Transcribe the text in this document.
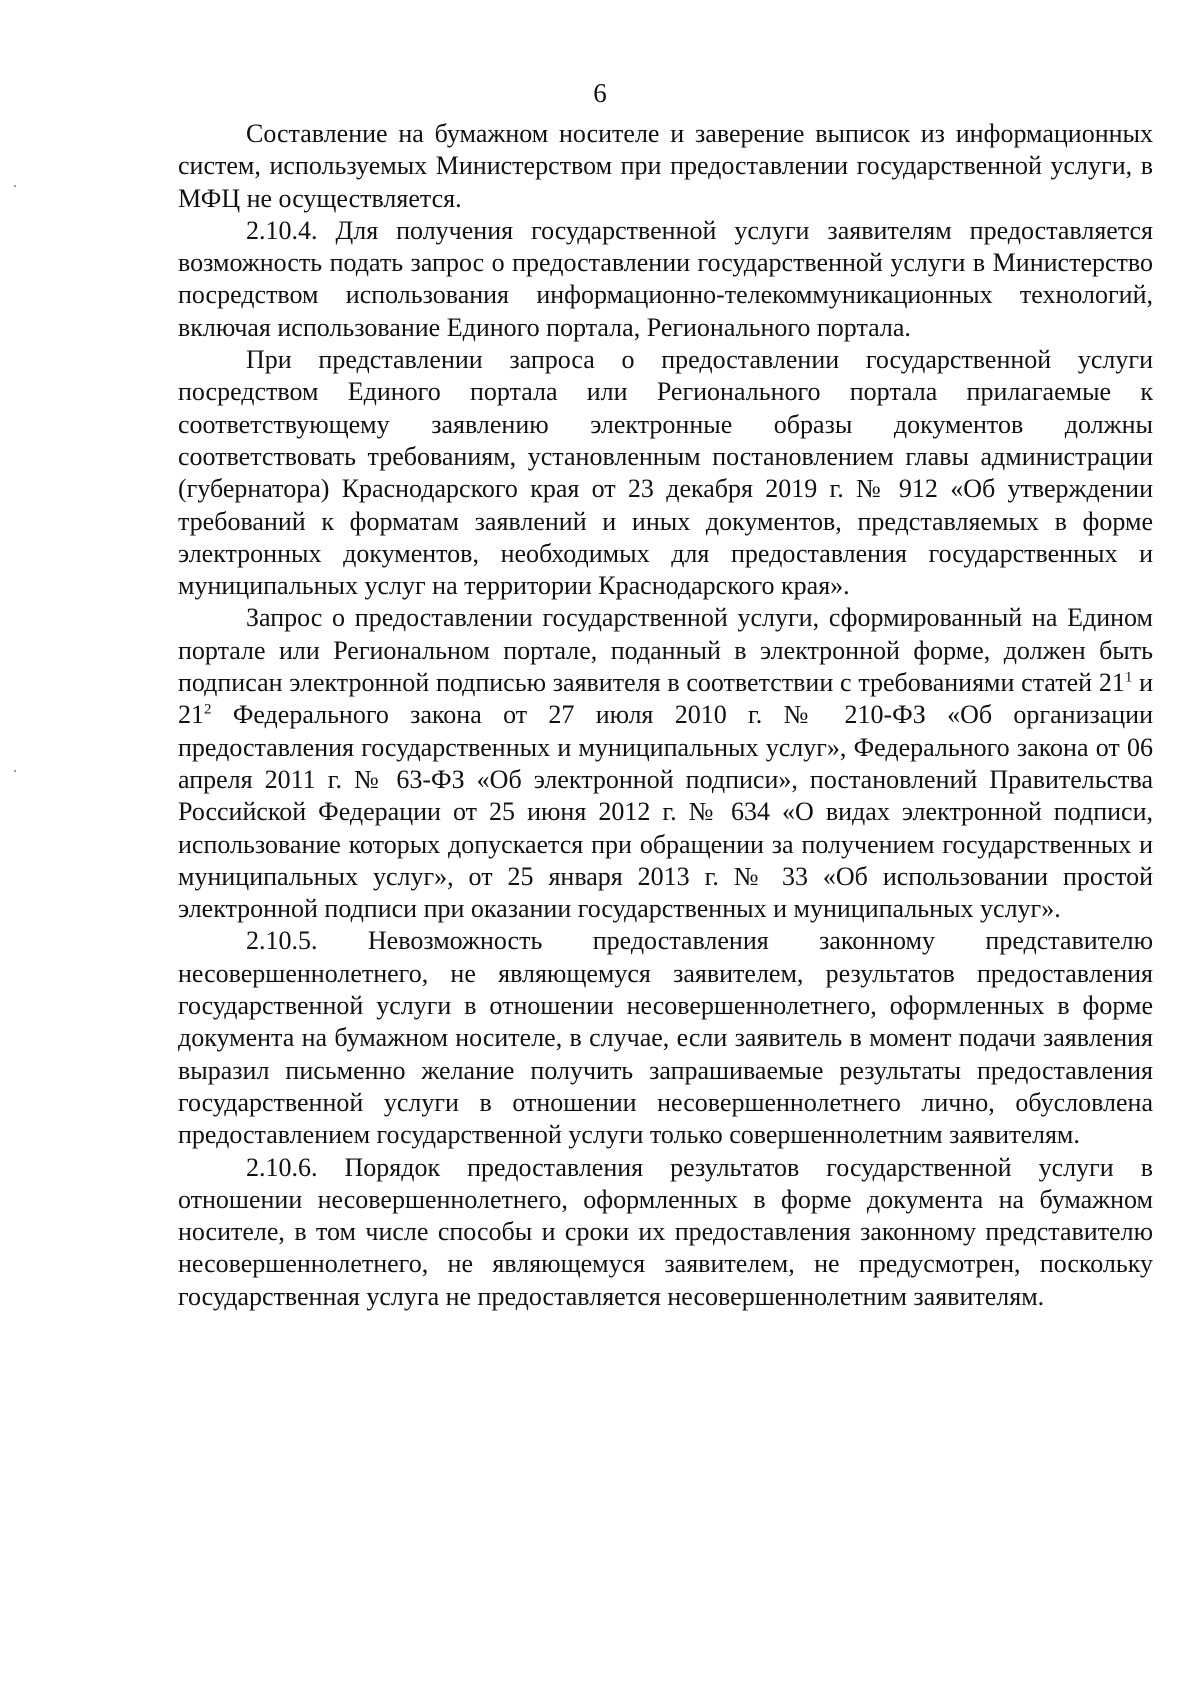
6

Составление на бумажном носителе и заверение выписок из информационных систем, используемых Министерством при предоставлении государственной услуги, в МФЦ не осуществляется.

2.10.4. Для получения государственной услуги заявителям предоставляется возможность подать запрос о предоставлении государственной услуги в Министерство посредством использования информационно-телекоммуникационных технологий, включая использование Единого портала, Регионального портала.

При представлении запроса о предоставлении государственной услуги посредством Единого портала или Регионального портала прилагаемые к соответствующему заявлению электронные образы документов должны соответствовать требованиям, установленным постановлением главы администрации (губернатора) Краснодарского края от 23 декабря 2019 г. № 912 «Об утверждении требований к форматам заявлений и иных документов, представляемых в форме электронных документов, необходимых для предоставления государственных и муниципальных услуг на территории Краснодарского края».

Запрос о предоставлении государственной услуги, сформированный на Едином портале или Региональном портале, поданный в электронной форме, должен быть подписан электронной подписью заявителя в соответствии с требованиями статей $21^1$ и $21^2$ Федерального закона от 27 июля 2010 г. № 210-ФЗ «Об организации предоставления государственных и муниципальных услуг», Федерального закона от 06 апреля 2011 г. № 63-ФЗ «Об электронной подписи», постановлений Правительства Российской Федерации от 25 июня 2012 г. № 634 «О видах электронной подписи, использование которых допускается при обращении за получением государственных и муниципальных услуг», от 25 января 2013 г. № 33 «Об использовании простой электронной подписи при оказании государственных и муниципальных услуг».

2.10.5. Невозможность предоставления законному представителю несовершеннолетнего, не являющемуся заявителем, результатов предоставления государственной услуги в отношении несовершеннолетнего, оформленных в форме документа на бумажном носителе, в случае, если заявитель в момент подачи заявления выразил письменно желание получить запрашиваемые результаты предоставления государственной услуги в отношении несовершеннолетнего лично, обусловлена предоставлением государственной услуги только совершеннолетним заявителям.

2.10.6. Порядок предоставления результатов государственной услуги в отношении несовершеннолетнего, оформленных в форме документа на бумажном носителе, в том числе способы и сроки их предоставления законному представителю несовершеннолетнего, не являющемуся заявителем, не предусмотрен, поскольку государственная услуга не предоставляется несовершеннолетним заявителям.
